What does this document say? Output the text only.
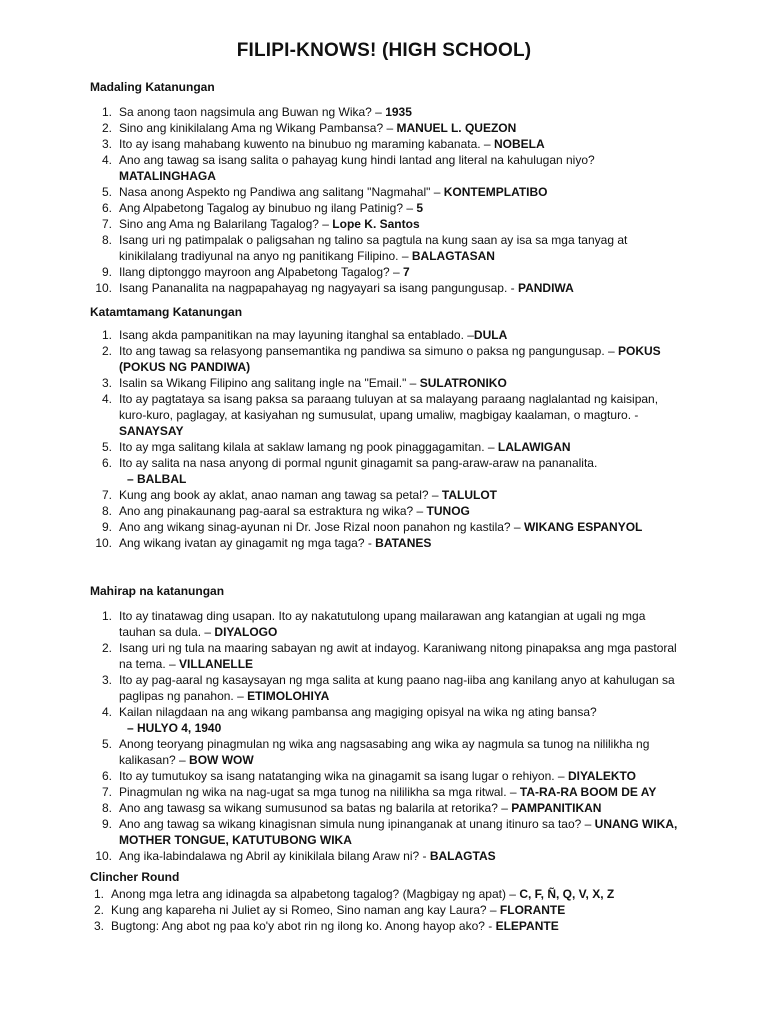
FILIPI-KNOWS! (HIGH SCHOOL)
Madaling Katanungan
1. Sa anong taon nagsimula ang Buwan ng Wika? – 1935
2. Sino ang kinikilalang Ama ng Wikang Pambansa? – MANUEL L. QUEZON
3. Ito ay isang mahabang kuwento na binubuo ng maraming kabanata. – NOBELA
4. Ano ang tawag sa isang salita o pahayag kung hindi lantad ang literal na kahulugan niyo?
MATALINGHAGA
5. Nasa anong Aspekto ng Pandiwa ang salitang "Nagmahal" – KONTEMPLATIBO
6. Ang Alpabetong Tagalog ay binubuo ng ilang Patinig? – 5
7. Sino ang Ama ng Balarilang Tagalog? – Lope K. Santos
8. Isang uri ng patimpalak o paligsahan ng talino sa pagtula na kung saan ay isa sa mga tanyag at kinikilalang tradiyunal na anyo ng panitikang Filipino. – BALAGTASAN
9. Ilang diptonggo mayroon ang Alpabetong Tagalog? – 7
10. Isang Pananalita na nagpapahayag ng nagyayari sa isang pangungusap. - PANDIWA
Katamtamang Katanungan
1. Isang akda pampanitikan na may layuning itanghal sa entablado. –DULA
2. Ito ang tawag sa relasyong pansemantika ng pandiwa sa simuno o paksa ng pangungusap. – POKUS (POKUS NG PANDIWA)
3. Isalin sa Wikang Filipino ang salitang ingle na "Email." – SULATRONIKO
4. Ito ay pagtataya sa isang paksa sa paraang tuluyan at sa malayang paraang naglalantad ng kaisipan, kuro-kuro, paglagay, at kasiyahan ng sumusulat, upang umaliw, magbigay kaalaman, o magturo. - SANAYSAY
5. Ito ay mga salitang kilala at saklaw lamang ng pook pinaggagamitan. – LALAWIGAN
6. Ito ay salita na nasa anyong di pormal ngunit ginagamit sa pang-araw-araw na pananalita.
– BALBAL
7. Kung ang book ay aklat, anao naman ang tawag sa petal? – TALULOT
8. Ano ang pinakaunang pag-aaral sa estraktura ng wika? – TUNOG
9. Ano ang wikang sinag-ayunan ni Dr. Jose Rizal noon panahon ng kastila? – WIKANG ESPANYOL
10. Ang wikang ivatan ay ginagamit ng mga taga? - BATANES
Mahirap na katanungan
1. Ito ay tinatawag ding usapan. Ito ay nakatutulong upang mailarawan ang katangian at ugali ng mga tauhan sa dula. – DIYALOGO
2. Isang uri ng tula na maaring sabayan ng awit at indayog. Karaniwang nitong pinapaksa ang mga pastoral na tema. – VILLANELLE
3. Ito ay pag-aaral ng kasaysayan ng mga salita at kung paano nag-iiba ang kanilang anyo at kahulugan sa paglipas ng panahon. – ETIMOLOHIYA
4. Kailan nilagdaan na ang wikang pambansa ang magiging opisyal na wika ng ating bansa?
– HULYO 4, 1940
5. Anong teoryang pinagmulan ng wika ang nagsasabing ang wika ay nagmula sa tunog na nililikha ng kalikasan? – BOW WOW
6. Ito ay tumutukoy sa isang natatanging wika na ginagamit sa isang lugar o rehiyon. – DIYALEKTO
7. Pinagmulan ng wika na nag-ugat sa mga tunog na nililikha sa mga ritwal. – TA-RA-RA BOOM DE AY
8. Ano ang tawasg sa wikang sumusunod sa batas ng balarila at retorika? – PAMPANITIKAN
9. Ano ang tawag sa wikang kinagisnan simula nung ipinanganak at unang itinuro sa tao? – UNANG WIKA, MOTHER TONGUE, KATUTUBONG WIKA
10. Ang ika-labindalawa ng Abril ay kinikilala bilang Araw ni? - BALAGTAS
Clincher Round
1. Anong mga letra ang idinagda sa alpabetong tagalog? (Magbigay ng apat) – C, F, Ñ, Q, V, X, Z
2. Kung ang kapareha ni Juliet ay si Romeo, Sino naman ang kay Laura? – FLORANTE
3. Bugtong: Ang abot ng paa ko'y abot rin ng ilong ko. Anong hayop ako? - ELEPANTE
